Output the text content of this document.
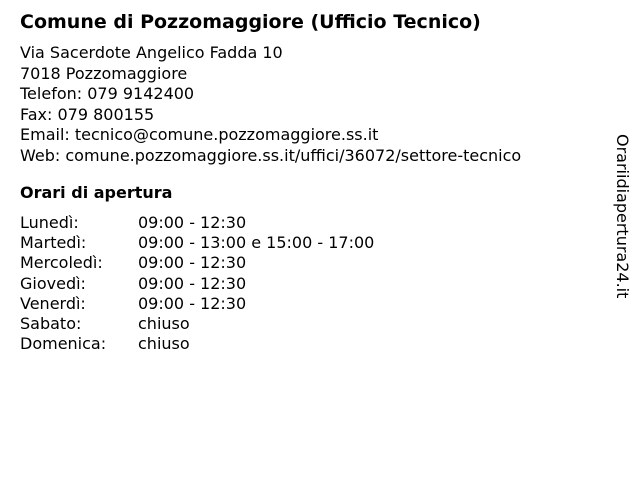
Comune di Pozzomaggiore (Ufficio Tecnico)
Via Sacerdote Angelico Fadda 10
7018 Pozzomaggiore
Telefon: 079 9142400
Fax: 079 800155
Email: tecnico@comune.pozzomaggiore.ss.it
Web: comune.pozzomaggiore.ss.it/uffici/36072/settore-tecnico
Orari di apertura
Lunedì:	09:00 - 12:30
Martedì:	09:00 - 13:00 e 15:00 - 17:00
Mercoledì: 09:00 - 12:30
Giovedì:	09:00 - 12:30
Venerdì:	09:00 - 12:30
Sabato:	chiuso
Domenica: chiuso
Orariidiapertura24.it
